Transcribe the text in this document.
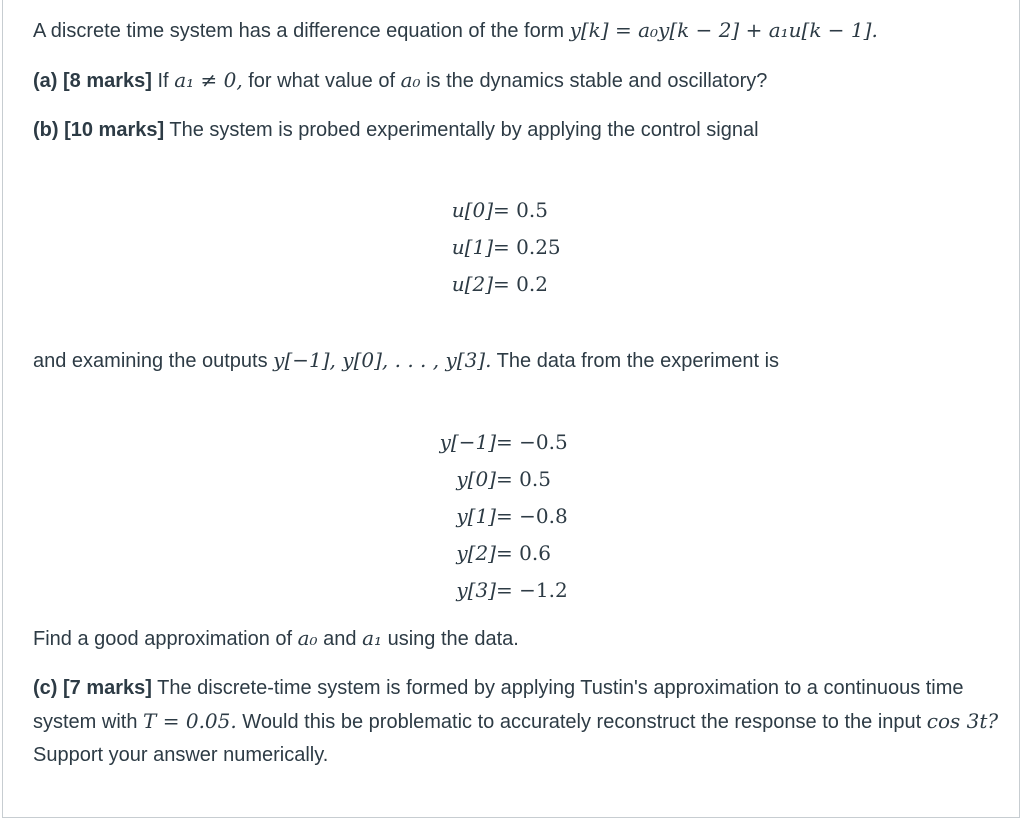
A discrete time system has a difference equation of the form y[k] = a₀y[k − 2] + a₁u[k − 1].
(a) [8 marks] If a₁ ≠ 0, for what value of a₀ is the dynamics stable and oscillatory?
(b) [10 marks] The system is probed experimentally by applying the control signal
u[0]= 0.5
u[1]= 0.25
u[2]= 0.2
and examining the outputs y[−1], y[0], . . . , y[3]. The data from the experiment is
y[−1]= −0.5
y[0]= 0.5
y[1]= −0.8
y[2]= 0.6
y[3]= −1.2
Find a good approximation of a₀ and a₁ using the data.
(c) [7 marks] The discrete-time system is formed by applying Tustin's approximation to a continuous time system with T = 0.05. Would this be problematic to accurately reconstruct the response to the input cos 3t? Support your answer numerically.
